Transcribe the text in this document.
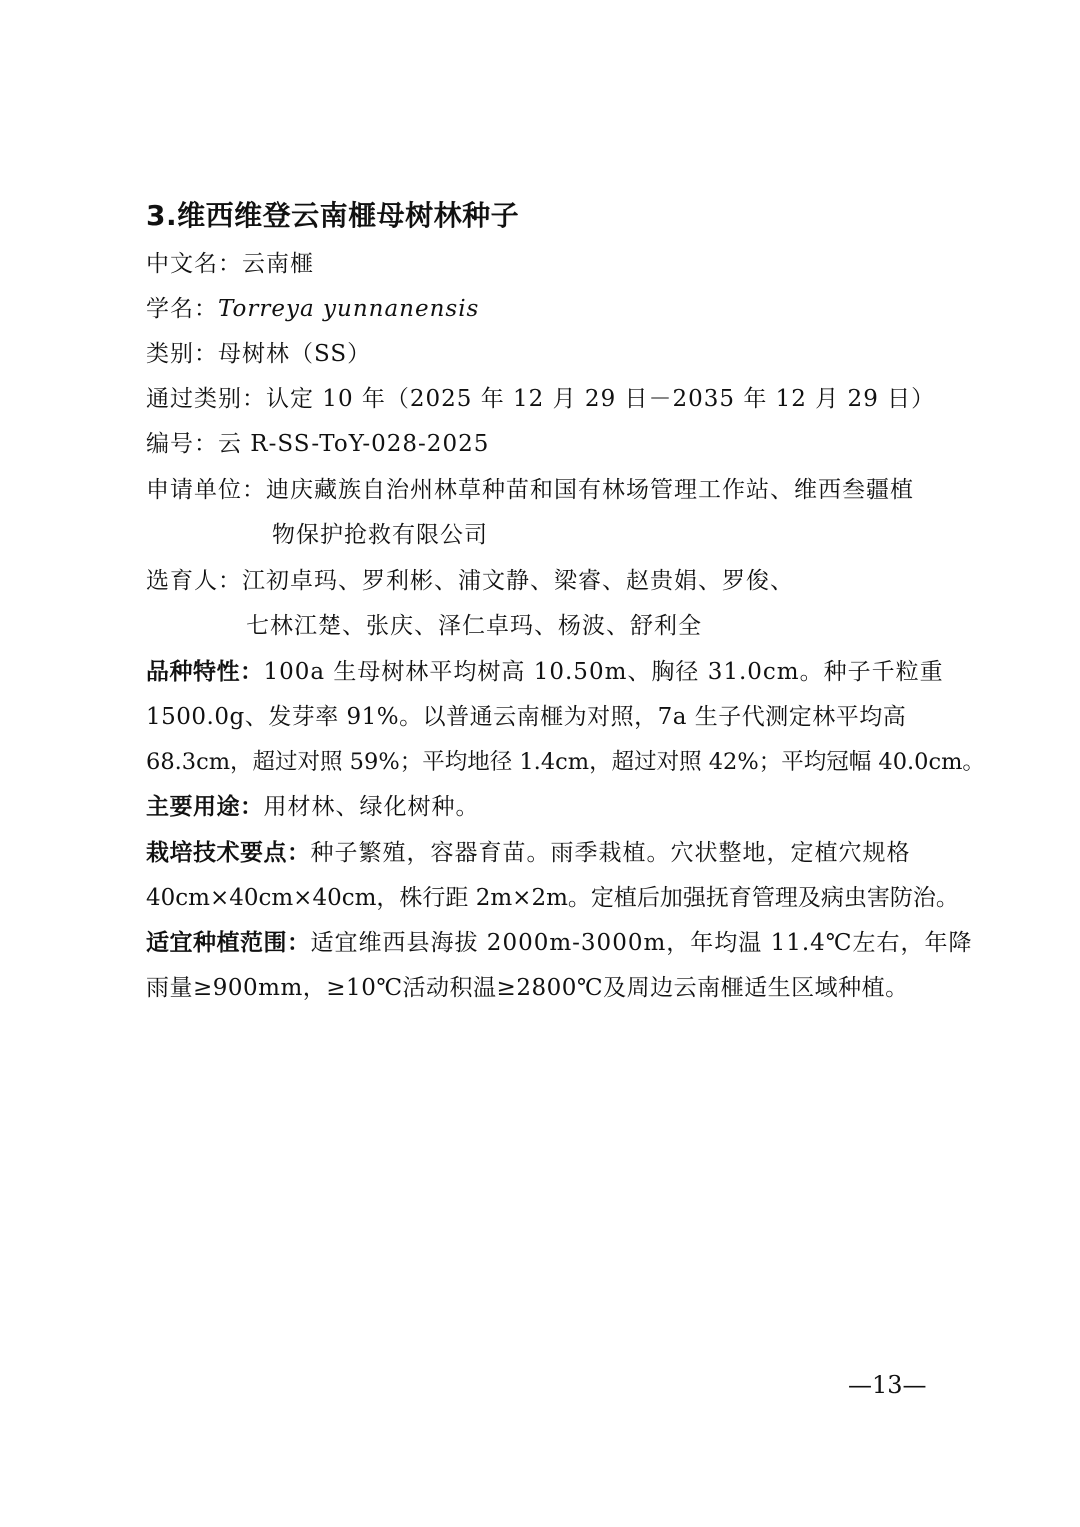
3.维西维登云南榧母树林种子
中文名：云南榧
学名：Torreya yunnanensis
类别：母树林（SS）
通过类别：认定 10 年（2025 年 12 月 29 日－2035 年 12 月 29 日）
编号：云 R-SS-ToY-028-2025
申请单位：迪庆藏族自治州林草种苗和国有林场管理工作站、维西叁疆植
物保护抢救有限公司
选育人：江初卓玛、罗利彬、浦文静、梁睿、赵贵娟、罗俊、
七林江楚、张庆、泽仁卓玛、杨波、舒利全
品种特性：100a 生母树林平均树高 10.50m、胸径 31.0cm。种子千粒重
1500.0g、发芽率 91%。以普通云南榧为对照，7a 生子代测定林平均高
68.3cm，超过对照 59%；平均地径 1.4cm，超过对照 42%；平均冠幅 40.0cm。
主要用途：用材林、绿化树种。
栽培技术要点：种子繁殖，容器育苗。雨季栽植。穴状整地，定植穴规格
40cm×40cm×40cm，株行距 2m×2m。定植后加强抚育管理及病虫害防治。
适宜种植范围：适宜维西县海拔 2000m-3000m，年均温 11.4℃左右，年降
雨量≥900mm，≥10℃活动积温≥2800℃及周边云南榧适生区域种植。
—13—
